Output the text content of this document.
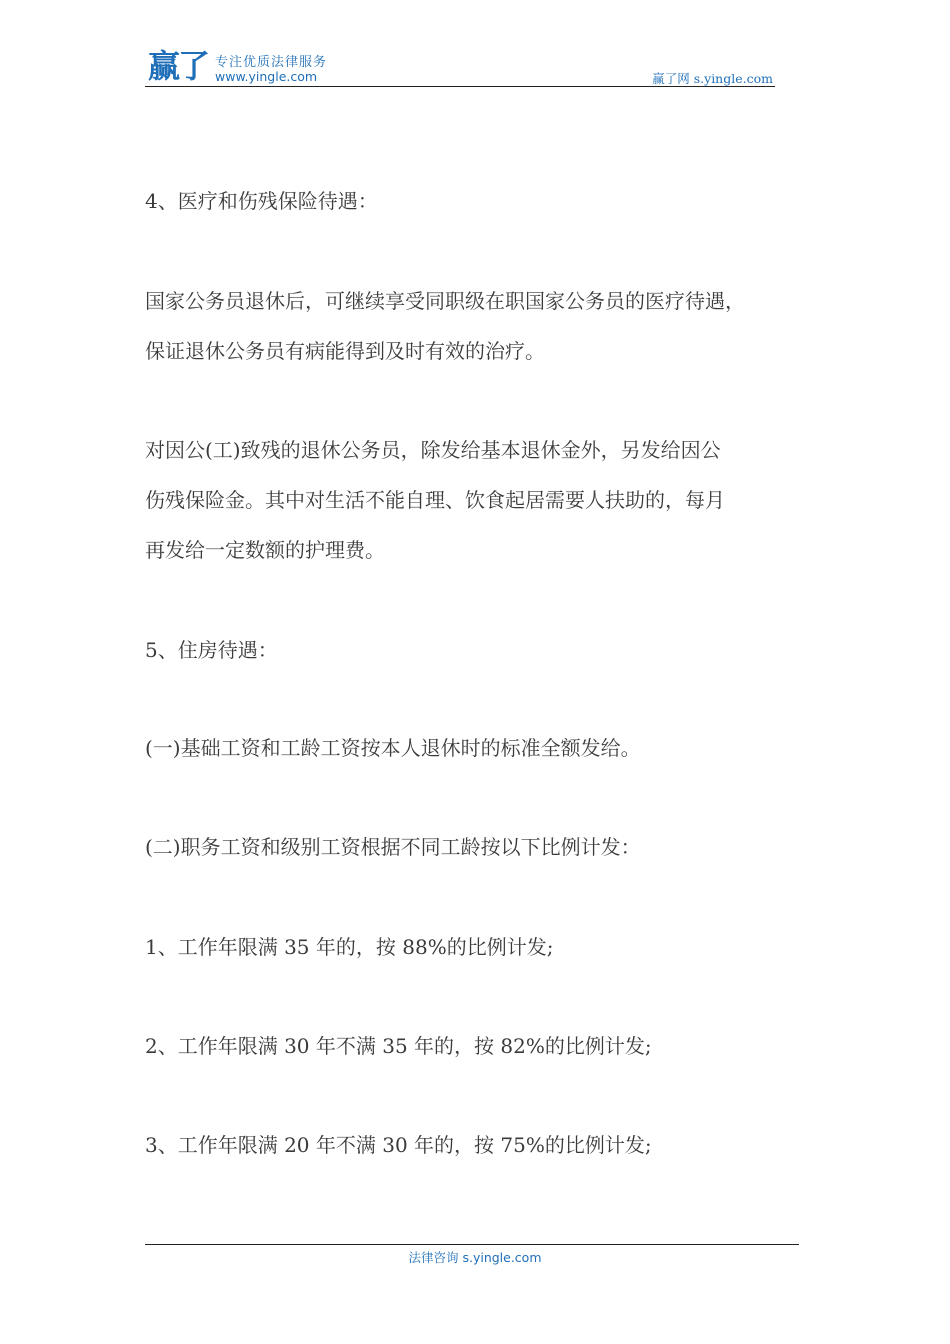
赢了 专注优质法律服务
www.yingle.com	赢了网 s.yingle.com
4、医疗和伤残保险待遇：
国家公务员退休后，可继续享受同职级在职国家公务员的医疗待遇，
保证退休公务员有病能得到及时有效的治疗。
对因公(工)致残的退休公务员，除发给基本退休金外，另发给因公
伤残保险金。其中对生活不能自理、饮食起居需要人扶助的，每月
再发给一定数额的护理费。
5、住房待遇：
(一)基础工资和工龄工资按本人退休时的标准全额发给。
(二)职务工资和级别工资根据不同工龄按以下比例计发：
1、工作年限满 35 年的，按 88%的比例计发;
2、工作年限满 30 年不满 35 年的，按 82%的比例计发;
3、工作年限满 20 年不满 30 年的，按 75%的比例计发;
法律咨询 s.yingle.com
